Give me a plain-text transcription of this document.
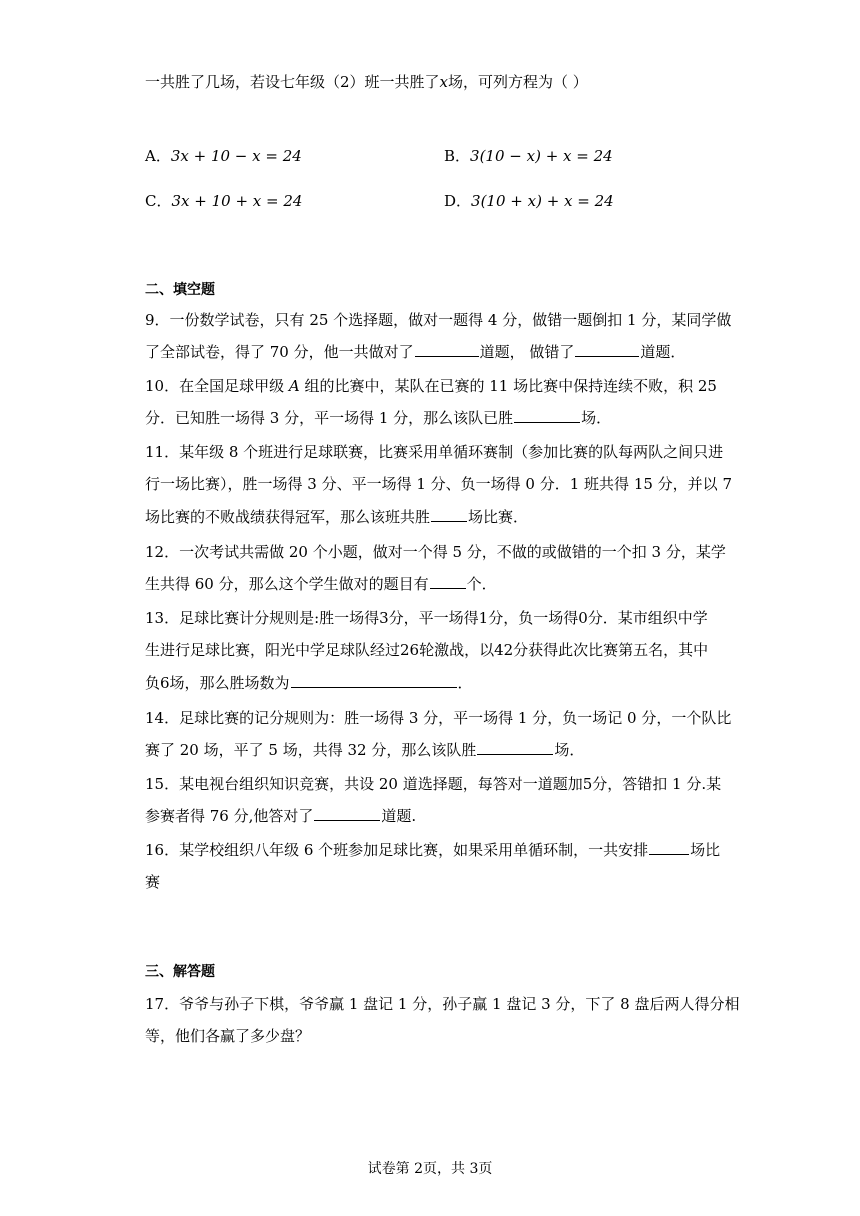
一共胜了几场，若设七年级（2）班一共胜了x场，可列方程为（ ）
A．3x + 10 − x = 24	B．3(10 − x) + x = 24
C．3x + 10 + x = 24	D．3(10 + x) + x = 24
二、填空题
9．一份数学试卷，只有 25 个选择题，做对一题得 4 分，做错一题倒扣 1 分，某同学做
了全部试卷，得了 70 分，他一共做对了	道题， 做错了	道题．
10．在全国足球甲级 A 组的比赛中，某队在已赛的 11 场比赛中保持连续不败，积 25
分．已知胜一场得 3 分，平一场得 1 分，那么该队已胜	场．
11．某年级 8 个班进行足球联赛，比赛采用单循环赛制（参加比赛的队每两队之间只进
行一场比赛），胜一场得 3 分、平一场得 1 分、负一场得 0 分．1 班共得 15 分，并以 7
场比赛的不败战绩获得冠军，那么该班共胜	场比赛．
12．一次考试共需做 20 个小题，做对一个得 5 分，不做的或做错的一个扣 3 分，某学
生共得 60 分，那么这个学生做对的题目有	个．
13．足球比赛计分规则是:胜一场得3分，平一场得1分，负一场得0分．某市组织中学
生进行足球比赛，阳光中学足球队经过26轮激战，以42分获得此次比赛第五名，其中
负6场，那么胜场数为	．
14．足球比赛的记分规则为：胜一场得 3 分，平一场得 1 分，负一场记 0 分，一个队比
赛了 20 场，平了 5 场，共得 32 分，那么该队胜	场．
15．某电视台组织知识竞赛，共设 20 道选择题，每答对一道题加5分，答错扣 1 分.某
参赛者得 76 分,他答对了	道题.
16．某学校组织八年级 6 个班参加足球比赛，如果采用单循环制，一共安排	场比
赛
三、解答题
17．爷爷与孙子下棋，爷爷赢 1 盘记 1 分，孙子赢 1 盘记 3 分，下了 8 盘后两人得分相
等，他们各赢了多少盘？
试卷第 2页，共 3页
